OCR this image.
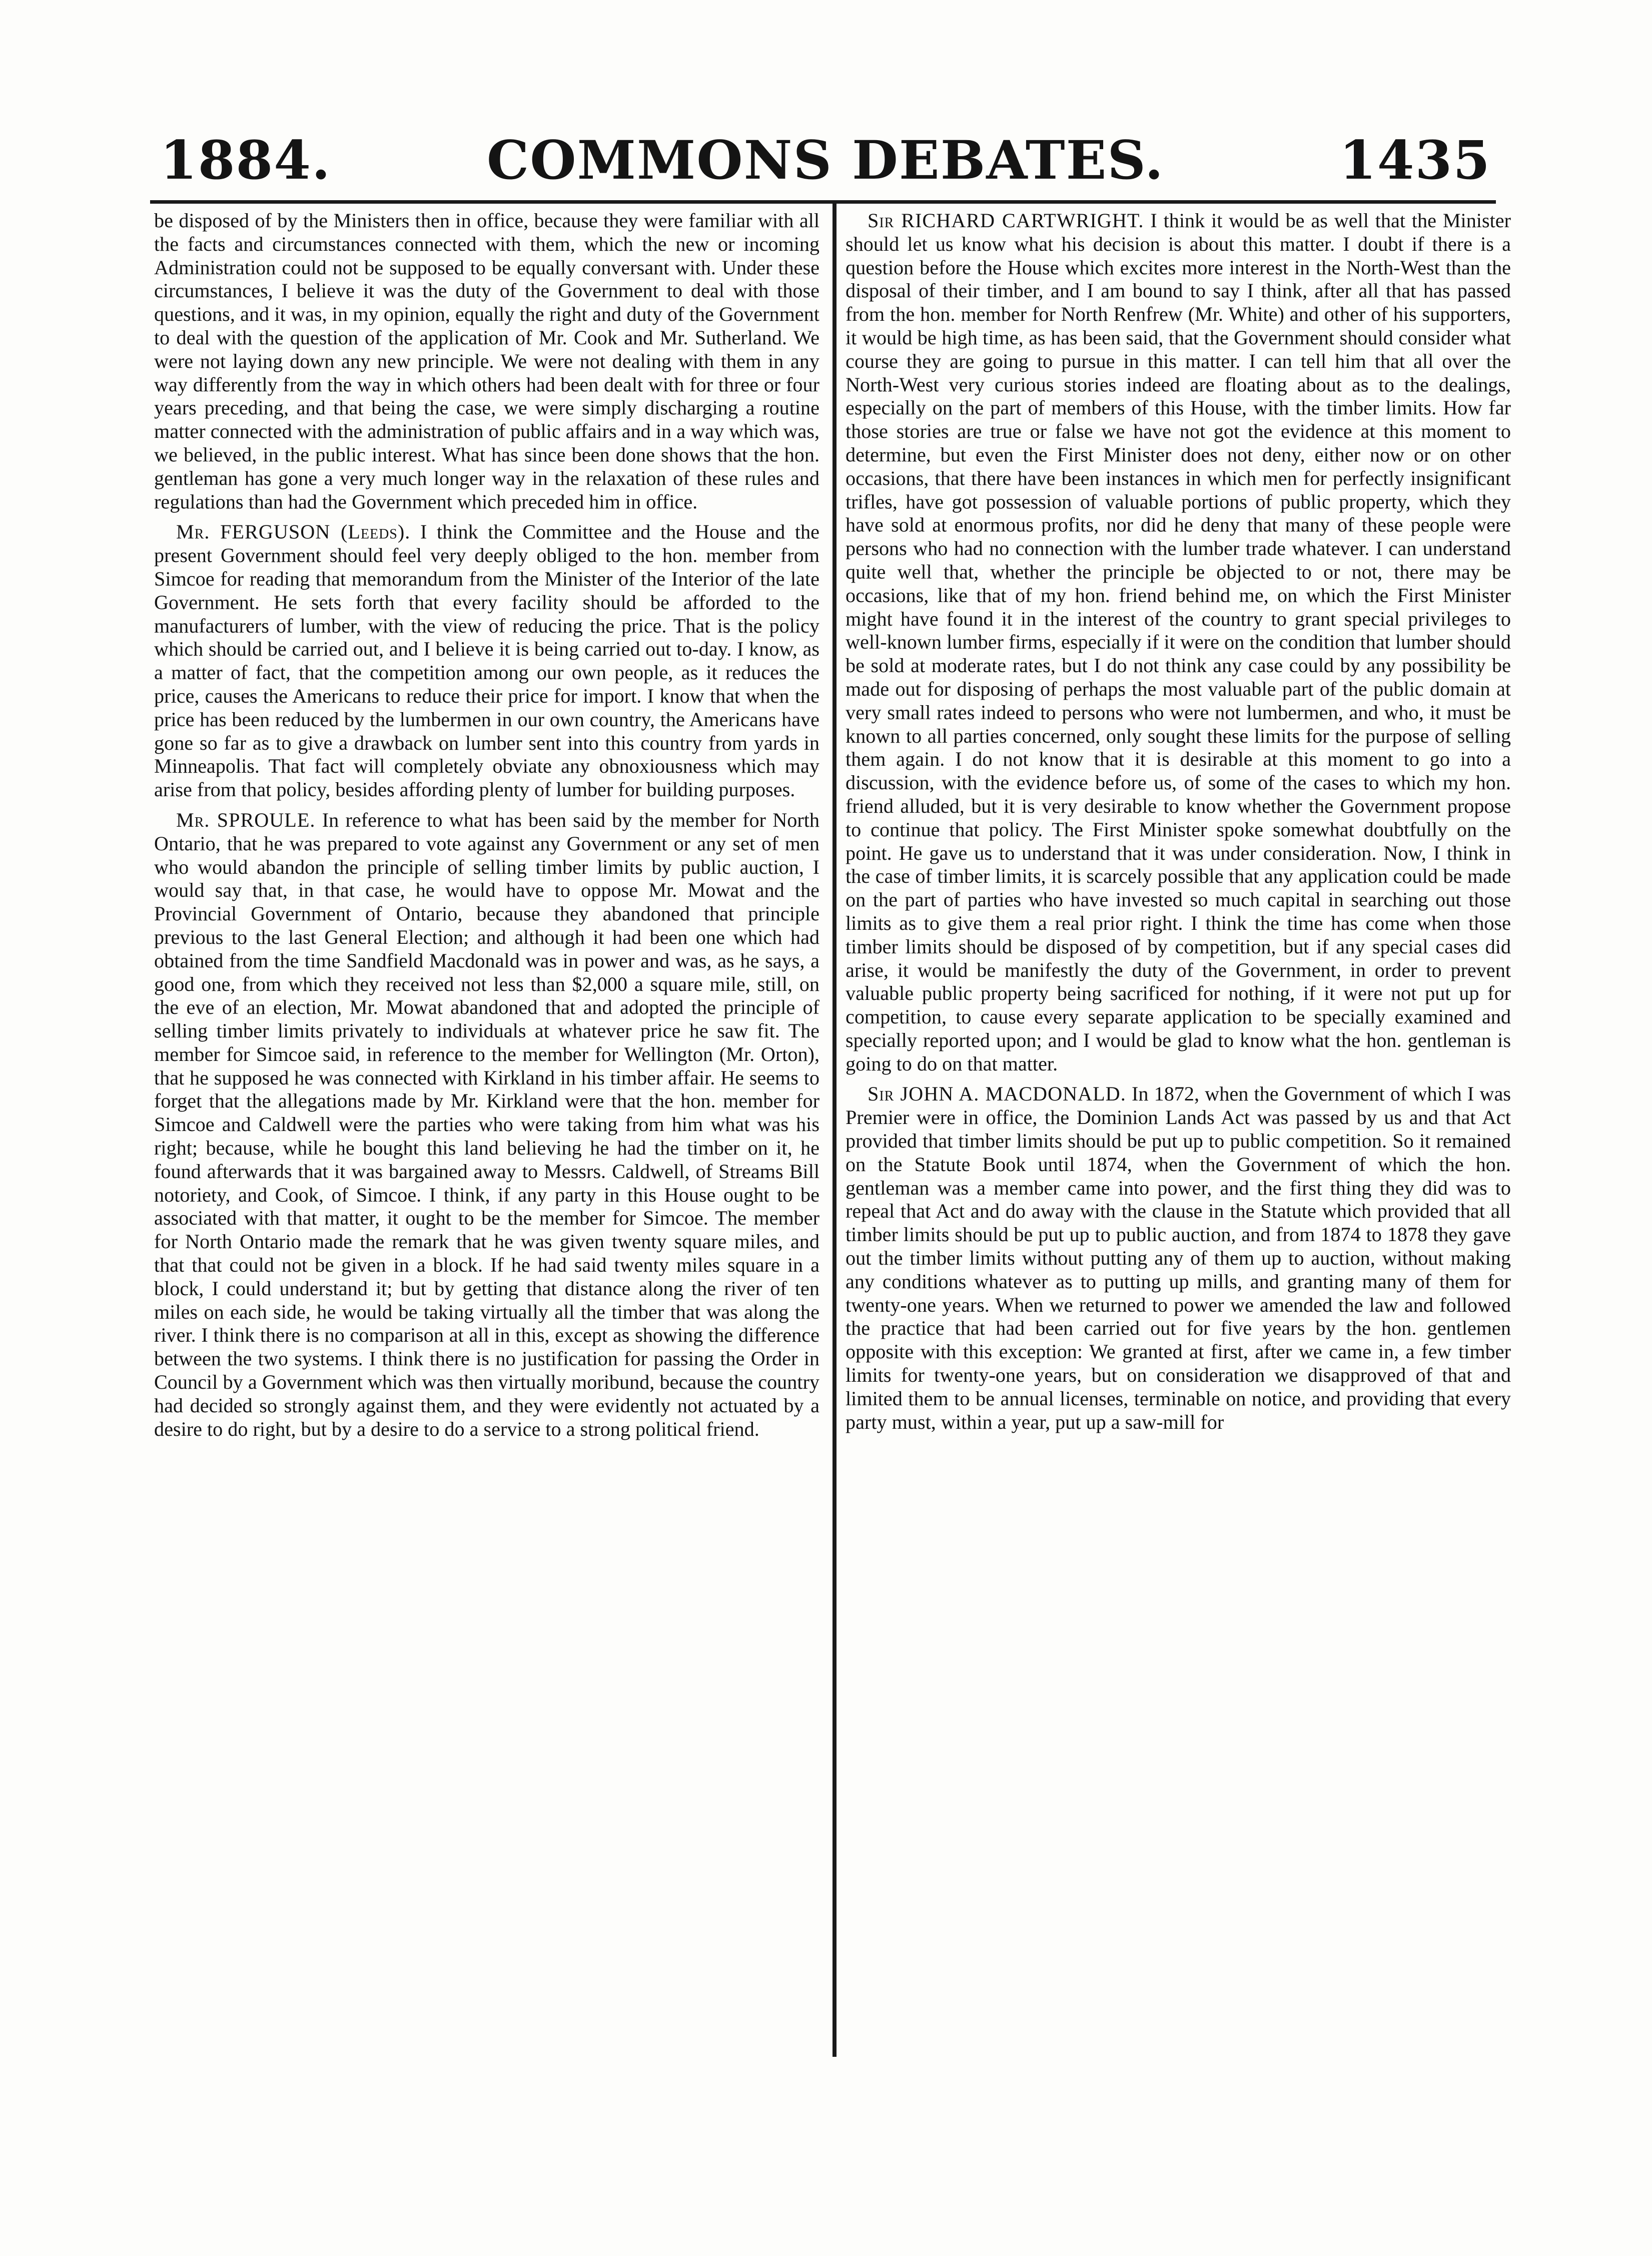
1884.	COMMONS DEBATES.	1435

be disposed of by the Ministers then in office, because they were familiar with all the facts and circumstances connected with them, which the new or incoming Administration could not be supposed to be equally conversant with. Under these circumstances, I believe it was the duty of the Government to deal with those questions, and it was, in my opinion, equally the right and duty of the Government to deal with the question of the application of Mr. Cook and Mr. Sutherland. We were not laying down any new principle. We were not dealing with them in any way differently from the way in which others had been dealt with for three or four years preceding, and that being the case, we were simply discharging a routine matter connected with the administration of public affairs and in a way which was, we believed, in the public interest. What has since been done shows that the hon. gentleman has gone a very much longer way in the relaxation of these rules and regulations than had the Government which preceded him in office.

Mr. FERGUSON (Leeds). I think the Committee and the House and the present Government should feel very deeply obliged to the hon. member from Simcoe for reading that memorandum from the Minister of the Interior of the late Government. He sets forth that every facility should be afforded to the manufacturers of lumber, with the view of reducing the price. That is the policy which should be carried out, and I believe it is being carried out to-day. I know, as a matter of fact, that the competition among our own people, as it reduces the price, causes the Americans to reduce their price for import. I know that when the price has been reduced by the lumbermen in our own country, the Americans have gone so far as to give a drawback on lumber sent into this country from yards in Minneapolis. That fact will completely obviate any obnoxiousness which may arise from that policy, besides affording plenty of lumber for building purposes.

Mr. SPROULE. In reference to what has been said by the member for North Ontario, that he was prepared to vote against any Government or any set of men who would abandon the principle of selling timber limits by public auction, I would say that, in that case, he would have to oppose Mr. Mowat and the Provincial Government of Ontario, because they abandoned that principle previous to the last General Election; and although it had been one which had obtained from the time Sandfield Macdonald was in power and was, as he says, a good one, from which they received not less than $2,000 a square mile, still, on the eve of an election, Mr. Mowat abandoned that and adopted the principle of selling timber limits privately to individuals at whatever price he saw fit. The member for Simcoe said, in reference to the member for Wellington (Mr. Orton), that he supposed he was connected with Kirkland in his timber affair. He seems to forget that the allegations made by Mr. Kirkland were that the hon. member for Simcoe and Caldwell were the parties who were taking from him what was his right; because, while he bought this land believing he had the timber on it, he found afterwards that it was bargained away to Messrs. Caldwell, of Streams Bill notoriety, and Cook, of Simcoe. I think, if any party in this House ought to be associated with that matter, it ought to be the member for Simcoe. The member for North Ontario made the remark that he was given twenty square miles, and that that could not be given in a block. If he had said twenty miles square in a block, I could understand it; but by getting that distance along the river of ten miles on each side, he would be taking virtually all the timber that was along the river. I think there is no comparison at all in this, except as showing the difference between the two systems. I think there is no justification for passing the Order in Council by a Government which was then virtually moribund, because the country had decided so strongly against them, and they were evidently not actuated by a desire to do right, but by a desire to do a service to a strong political friend.

Sir RICHARD CARTWRIGHT. I think it would be as well that the Minister should let us know what his decision is about this matter. I doubt if there is a question before the House which excites more interest in the North-West than the disposal of their timber, and I am bound to say I think, after all that has passed from the hon. member for North Renfrew (Mr. White) and other of his supporters, it would be high time, as has been said, that the Government should consider what course they are going to pursue in this matter. I can tell him that all over the North-West very curious stories indeed are floating about as to the dealings, especially on the part of members of this House, with the timber limits. How far those stories are true or false we have not got the evidence at this moment to determine, but even the First Minister does not deny, either now or on other occasions, that there have been instances in which men for perfectly insignificant trifles, have got possession of valuable portions of public property, which they have sold at enormous profits, nor did he deny that many of these people were persons who had no connection with the lumber trade whatever. I can understand quite well that, whether the principle be objected to or not, there may be occasions, like that of my hon. friend behind me, on which the First Minister might have found it in the interest of the country to grant special privileges to well-known lumber firms, especially if it were on the condition that lumber should be sold at moderate rates, but I do not think any case could by any possibility be made out for disposing of perhaps the most valuable part of the public domain at very small rates indeed to persons who were not lumbermen, and who, it must be known to all parties concerned, only sought these limits for the purpose of selling them again. I do not know that it is desirable at this moment to go into a discussion, with the evidence before us, of some of the cases to which my hon. friend alluded, but it is very desirable to know whether the Government propose to continue that policy. The First Minister spoke somewhat doubtfully on the point. He gave us to understand that it was under consideration. Now, I think in the case of timber limits, it is scarcely possible that any application could be made on the part of parties who have invested so much capital in searching out those limits as to give them a real prior right. I think the time has come when those timber limits should be disposed of by competition, but if any special cases did arise, it would be manifestly the duty of the Government, in order to prevent valuable public property being sacrificed for nothing, if it were not put up for competition, to cause every separate application to be specially examined and specially reported upon; and I would be glad to know what the hon. gentleman is going to do on that matter.

Sir JOHN A. MACDONALD. In 1872, when the Government of which I was Premier were in office, the Dominion Lands Act was passed by us and that Act provided that timber limits should be put up to public competition. So it remained on the Statute Book until 1874, when the Government of which the hon. gentleman was a member came into power, and the first thing they did was to repeal that Act and do away with the clause in the Statute which provided that all timber limits should be put up to public auction, and from 1874 to 1878 they gave out the timber limits without putting any of them up to auction, without making any conditions whatever as to putting up mills, and granting many of them for twenty-one years. When we returned to power we amended the law and followed the practice that had been carried out for five years by the hon. gentlemen opposite with this exception: We granted at first, after we came in, a few timber limits for twenty-one years, but on consideration we disapproved of that and limited them to be annual licenses, terminable on notice, and providing that every party must, within a year, put up a saw-mill for
